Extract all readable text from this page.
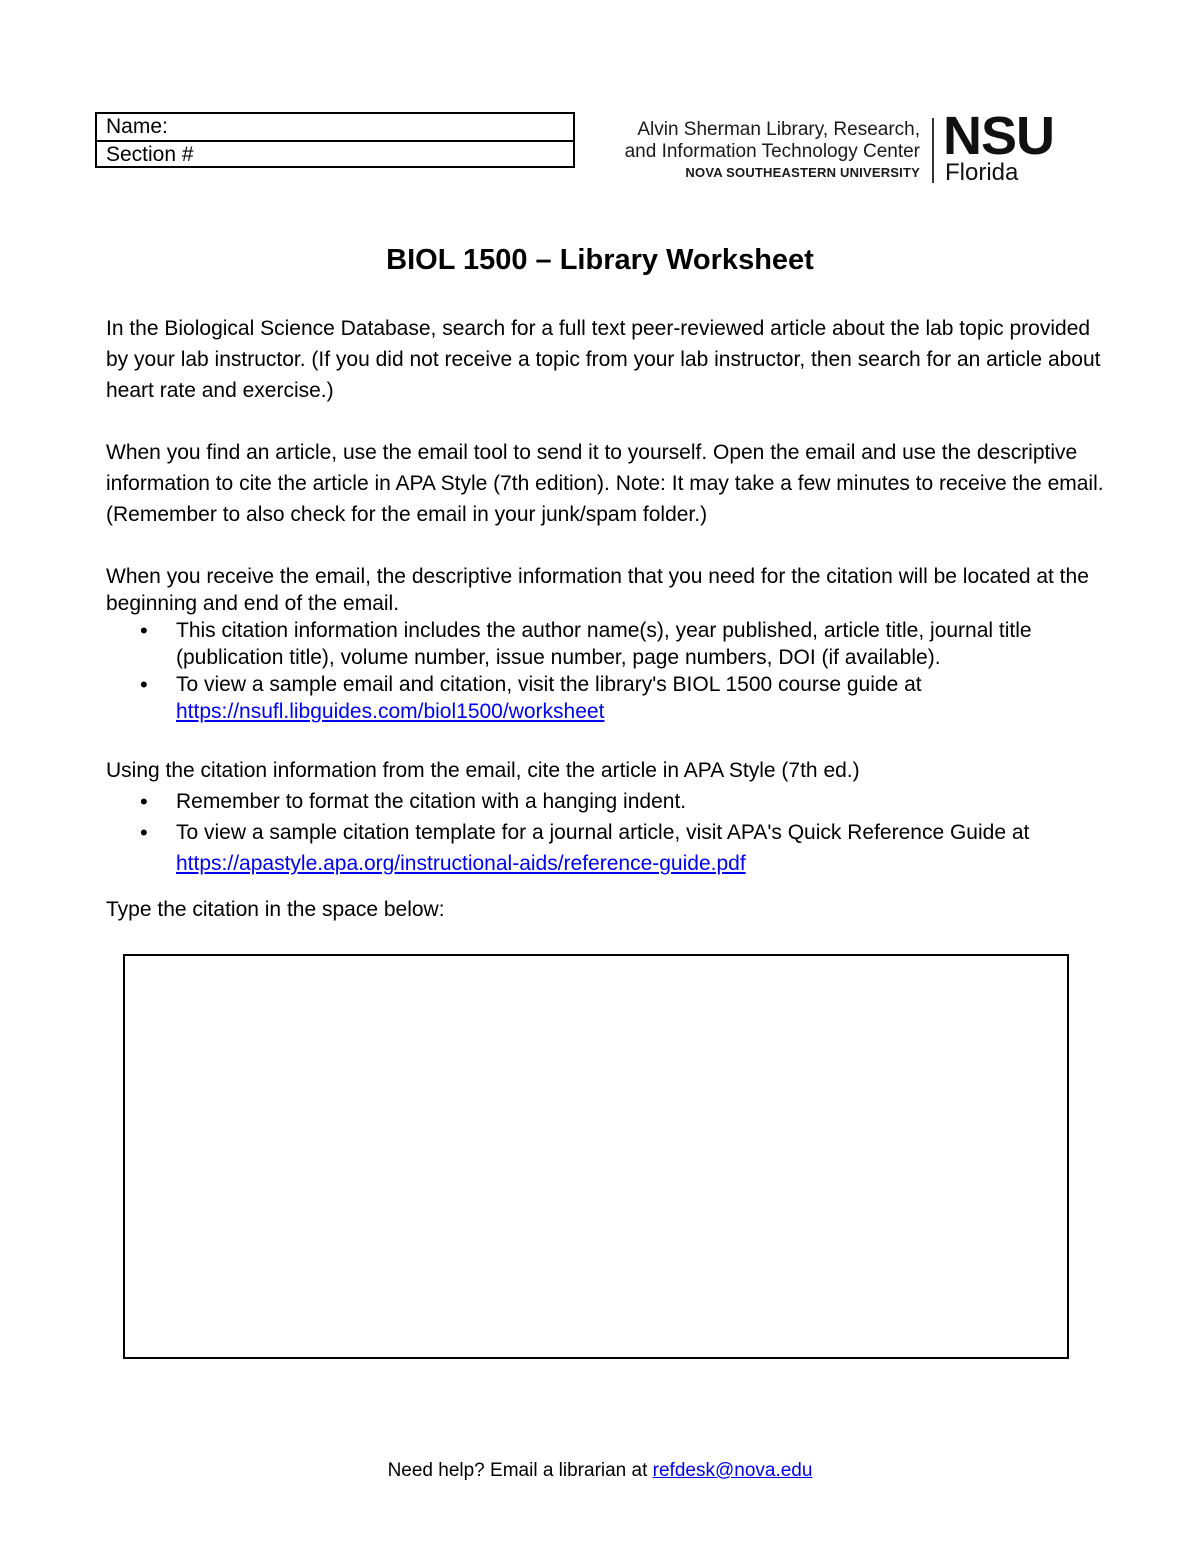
Name:
Section #
Alvin Sherman Library, Research,
and Information Technology Center
NOVA SOUTHEASTERN UNIVERSITY
NSU
Florida
BIOL 1500 – Library Worksheet
In the Biological Science Database, search for a full text peer-reviewed article about the lab topic provided by your lab instructor. (If you did not receive a topic from your lab instructor, then search for an article about heart rate and exercise.)
When you find an article, use the email tool to send it to yourself. Open the email and use the descriptive information to cite the article in APA Style (7th edition). Note: It may take a few minutes to receive the email. (Remember to also check for the email in your junk/spam folder.)
When you receive the email, the descriptive information that you need for the citation will be located at the beginning and end of the email.
• This citation information includes the author name(s), year published, article title, journal title (publication title), volume number, issue number, page numbers, DOI (if available).
• To view a sample email and citation, visit the library's BIOL 1500 course guide at
https://nsufl.libguides.com/biol1500/worksheet
Using the citation information from the email, cite the article in APA Style (7th ed.)
• Remember to format the citation with a hanging indent.
• To view a sample citation template for a journal article, visit APA's Quick Reference Guide at https://apastyle.apa.org/instructional-aids/reference-guide.pdf
Type the citation in the space below:
Need help? Email a librarian at refdesk@nova.edu
